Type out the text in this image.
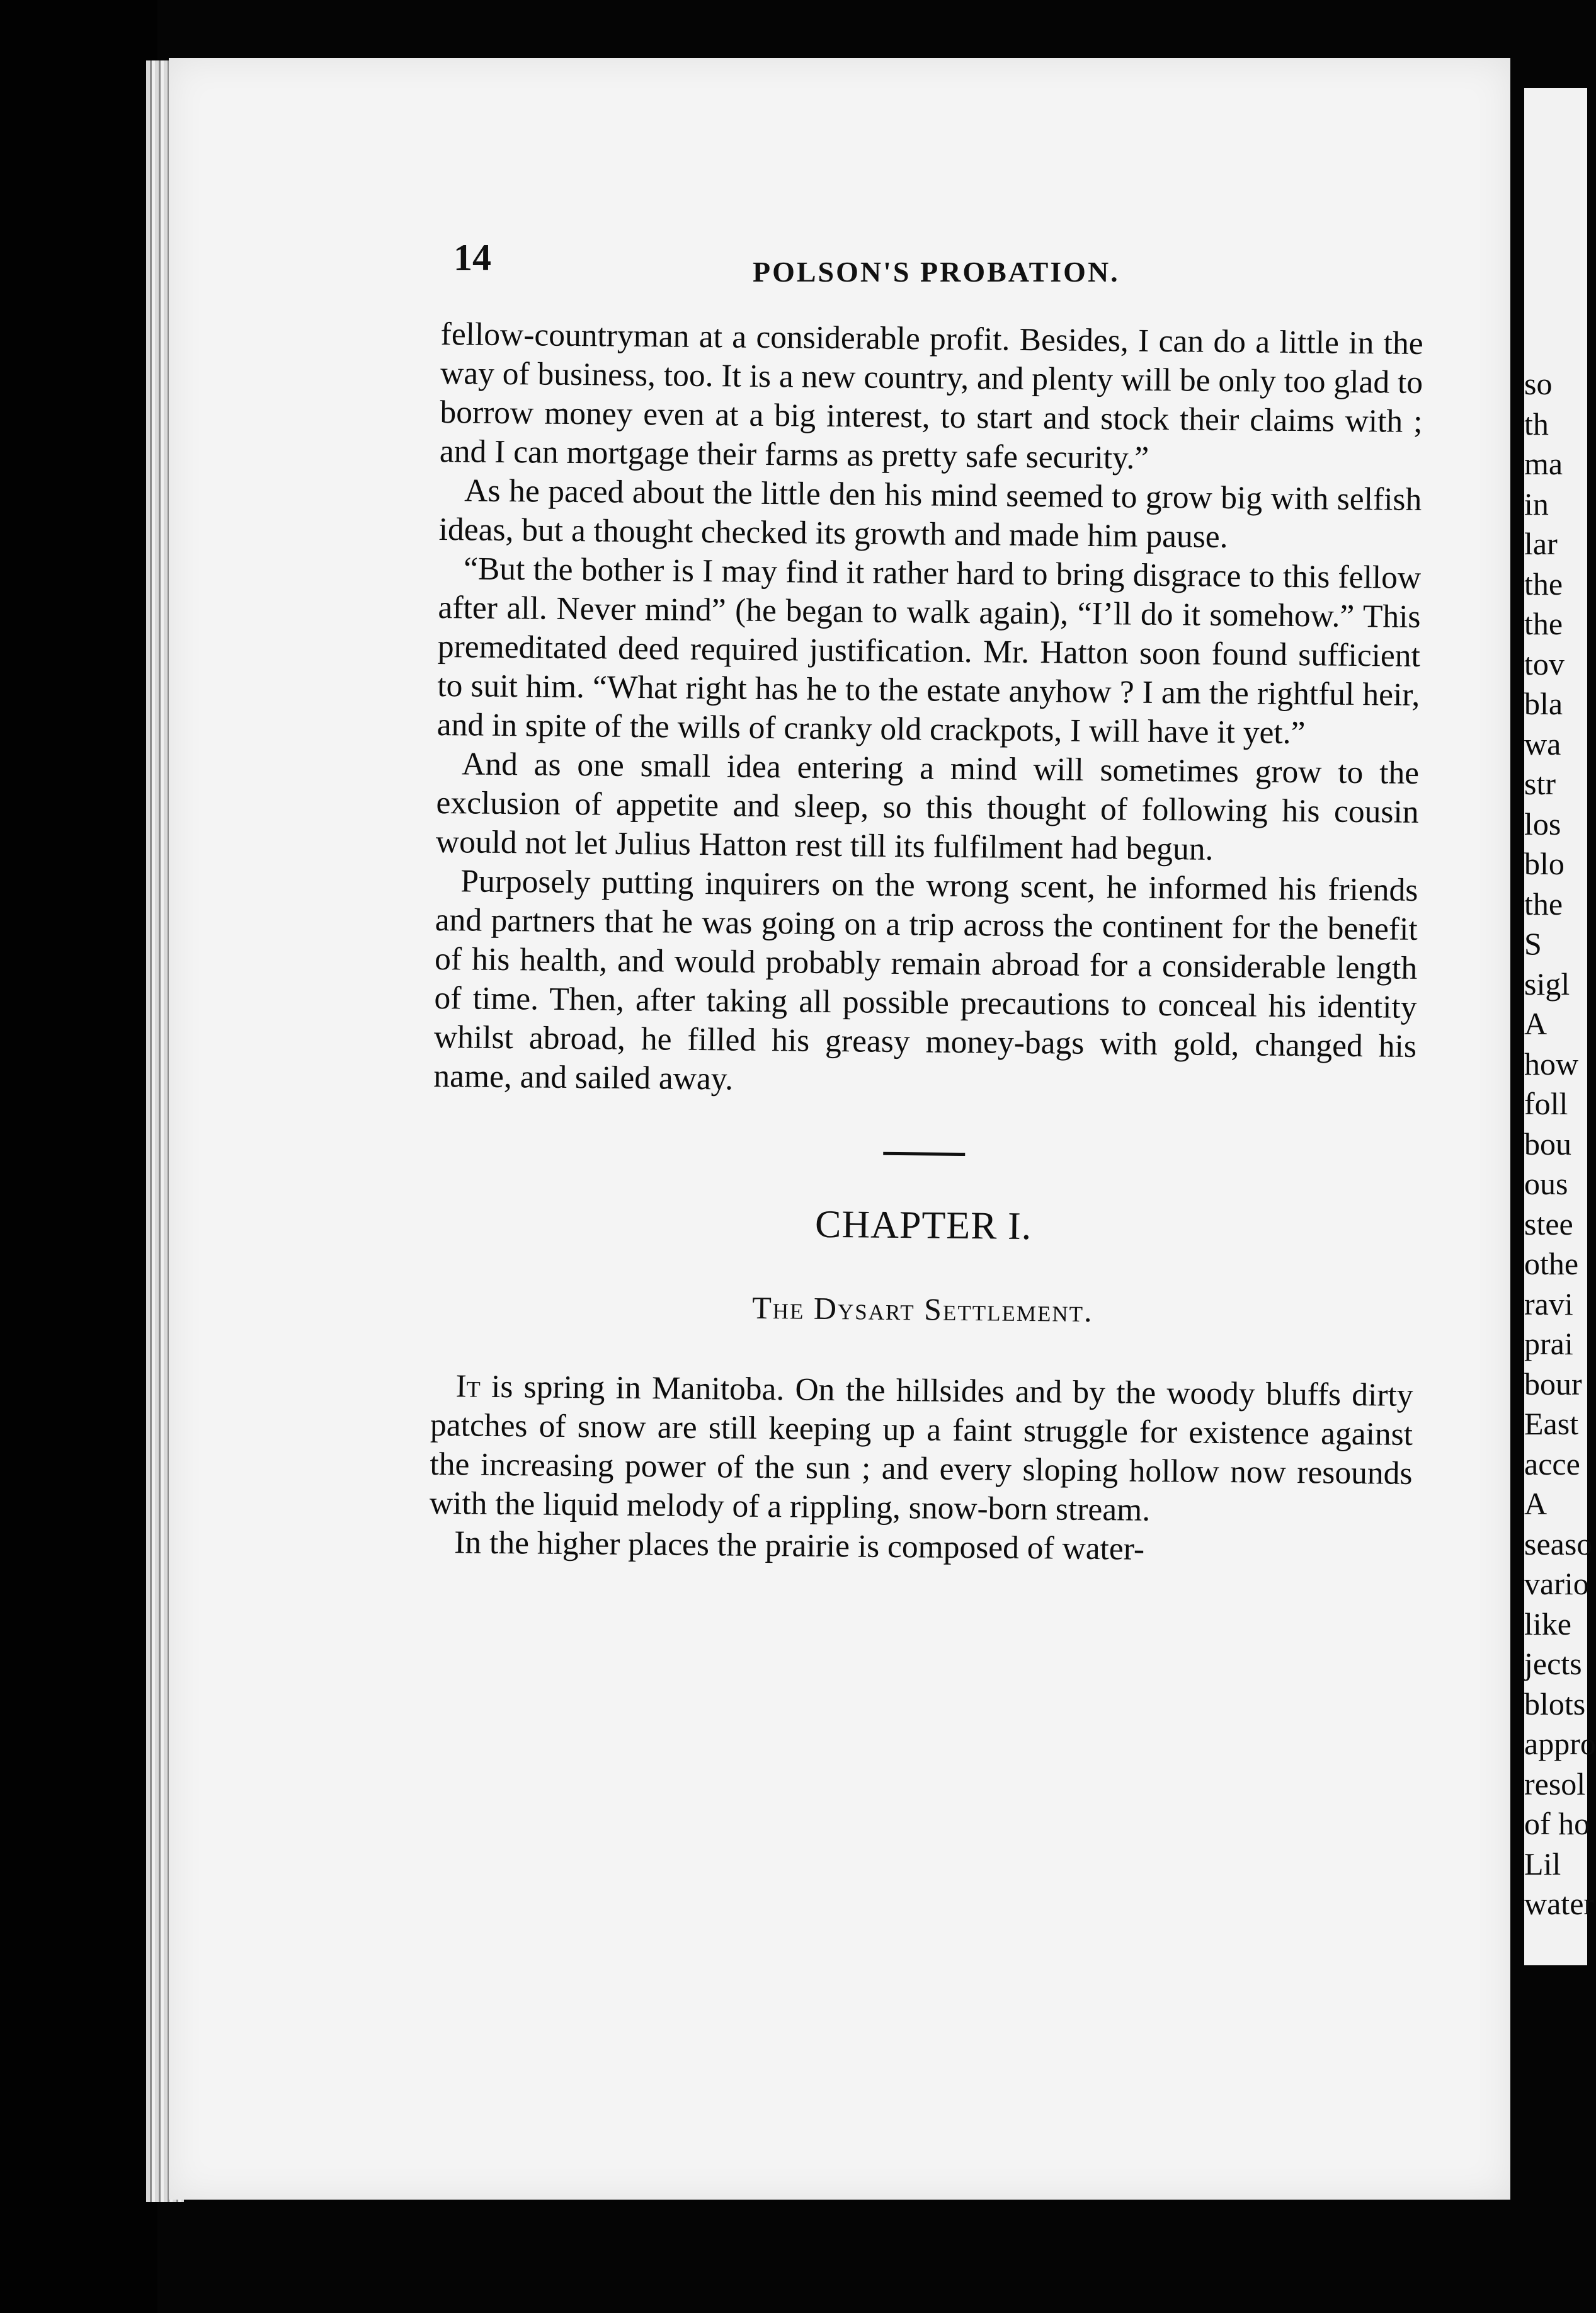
so
th
ma
in
lar
the
the
tov
bla
wa
str
los
blo
the
S
sigl
A
how
foll
bou
ous
stee
othe
ravi
prai
bour
East
acce
A
seaso
vario
like
jects
blots
appro
resol
of ho
Lil
water
14	POLSON'S PROBATION.

fellow-countryman at a considerable profit. Besides, I can do a little in the way of business, too. It is a new country, and plenty will be only too glad to borrow money even at a big interest, to start and stock their claims with ; and I can mortgage their farms as pretty safe security.”

As he paced about the little den his mind seemed to grow big with selfish ideas, but a thought checked its growth and made him pause.

“But the bother is I may find it rather hard to bring disgrace to this fellow after all. Never mind” (he began to walk again), “I’ll do it somehow.” This premeditated deed required justification. Mr. Hatton soon found sufficient to suit him. “What right has he to the estate anyhow ? I am the rightful heir, and in spite of the wills of cranky old crackpots, I will have it yet.”

And as one small idea entering a mind will sometimes grow to the exclusion of appetite and sleep, so this thought of following his cousin would not let Julius Hatton rest till its fulfilment had begun.

Purposely putting inquirers on the wrong scent, he informed his friends and partners that he was going on a trip across the continent for the benefit of his health, and would probably remain abroad for a considerable length of time. Then, after taking all possible precautions to conceal his identity whilst abroad, he filled his greasy money-bags with gold, changed his name, and sailed away.

CHAPTER I.
The Dysart Settlement.

It is spring in Manitoba. On the hillsides and by the woody bluffs dirty patches of snow are still keeping up a faint struggle for existence against the increasing power of the sun ; and every sloping hollow now resounds with the liquid melody of a rippling, snow-born stream.

In the higher places the prairie is composed of water-
